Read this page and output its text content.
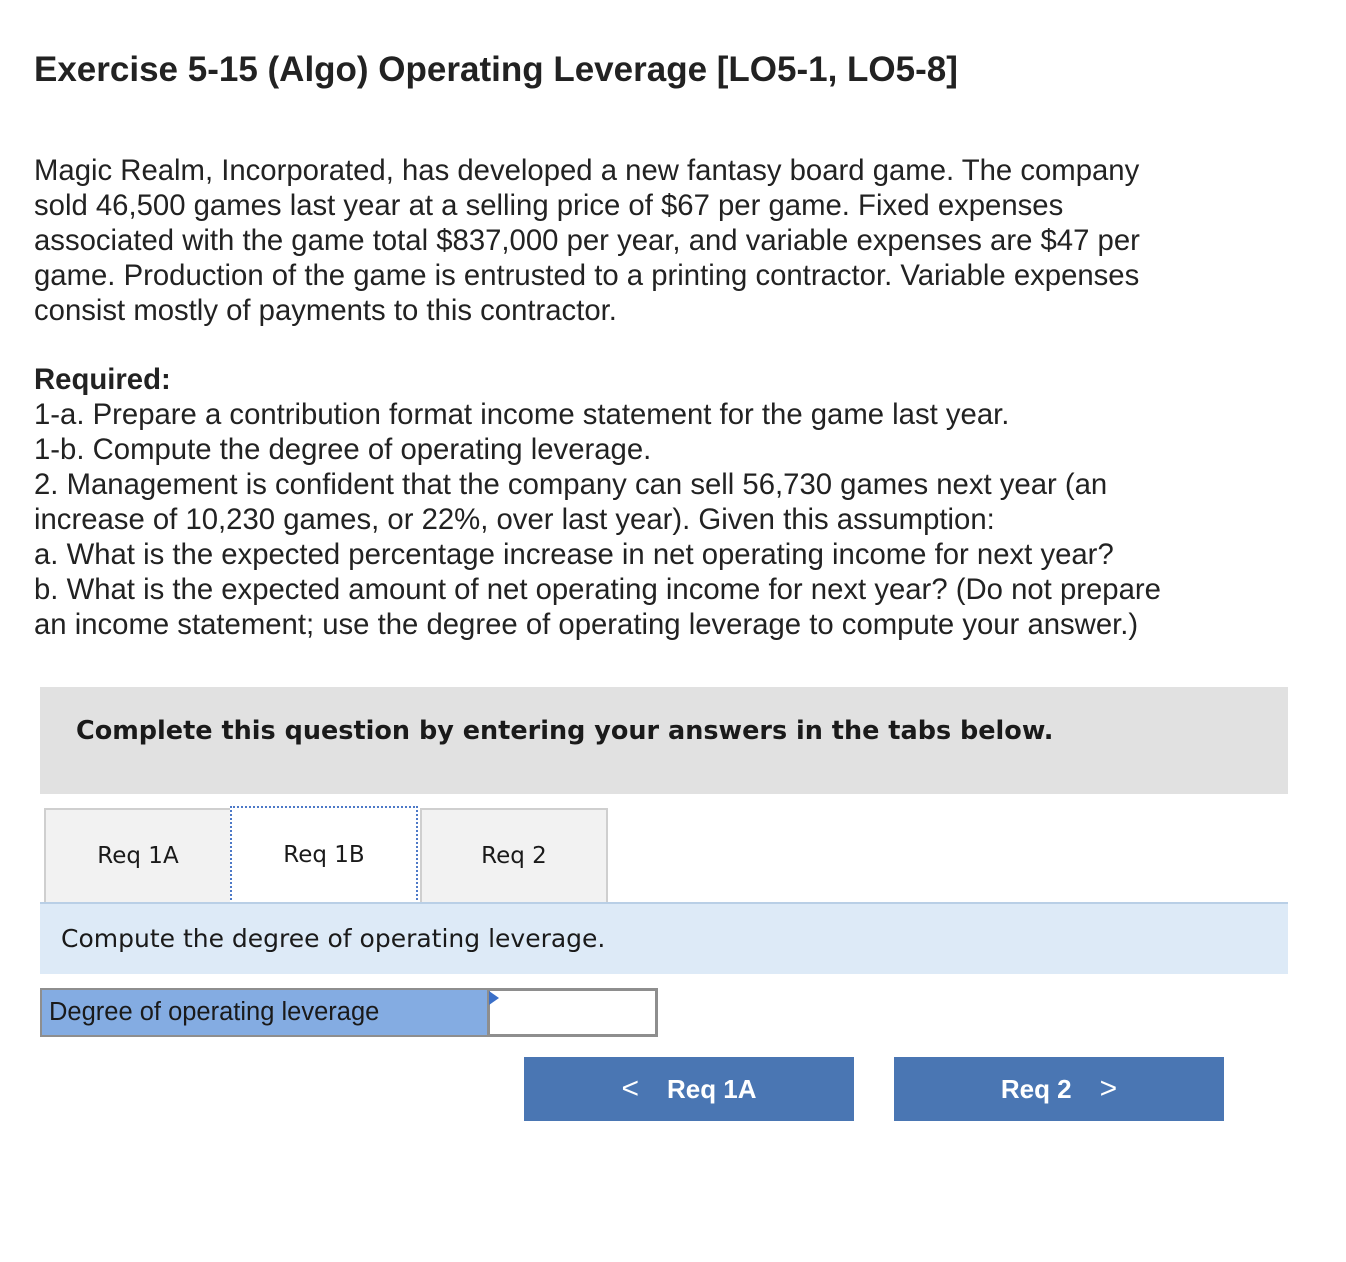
Exercise 5-15 (Algo) Operating Leverage [LO5-1, LO5-8]

Magic Realm, Incorporated, has developed a new fantasy board game. The company

sold 46,500 games last year at a selling price of $67 per game. Fixed expenses

associated with the game total $837,000 per year, and variable expenses are $47 per

game. Production of the game is entrusted to a printing contractor. Variable expenses

consist mostly of payments to this contractor.

Required:

1-a. Prepare a contribution format income statement for the game last year.

1-b. Compute the degree of operating leverage.

2. Management is confident that the company can sell 56,730 games next year (an

increase of 10,230 games, or 22%, over last year). Given this assumption:

a. What is the expected percentage increase in net operating income for next year?

b. What is the expected amount of net operating income for next year? (Do not prepare

an income statement; use the degree of operating leverage to compute your answer.)

Complete this question by entering your answers in the tabs below.
Req 1A	Req 1B	Req 2
Compute the degree of operating leverage.
Degree of operating leverage
< Req 1A	Req 2 >
